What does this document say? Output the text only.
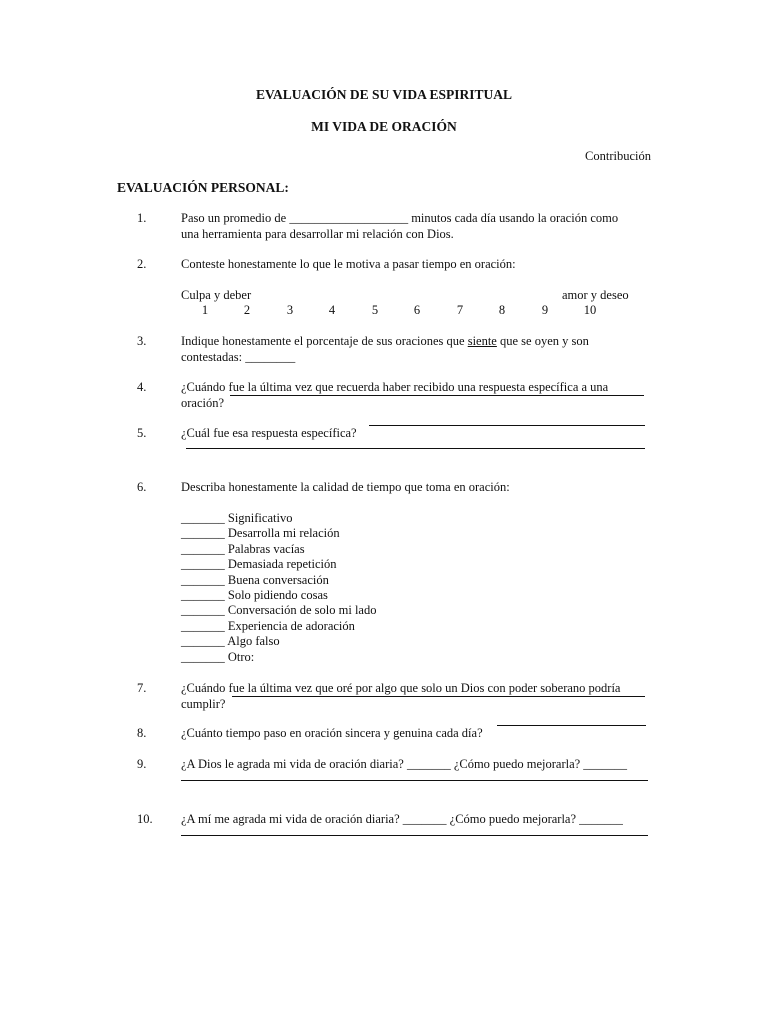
EVALUACIÓN DE SU VIDA ESPIRITUAL
MI VIDA DE ORACIÓN
Contribución
EVALUACIÓN PERSONAL:
1.	Paso un promedio de ___________________ minutos cada día usando la oración como
una herramienta para desarrollar mi relación con Dios.
2.	Conteste honestamente lo que le motiva a pasar tiempo en oración:
Culpa y deber	amor y deseo
1	2	3	4	5	6	7	8	9	10
3.	Indique honestamente el porcentaje de sus oraciones que siente que se oyen y son
contestadas: ________
4.	¿Cuándo fue la última vez que recuerda haber recibido una respuesta específica a una
oración?
5.	¿Cuál fue esa respuesta específica?
6.	Describa honestamente la calidad de tiempo que toma en oración:
_______ Significativo
_______ Desarrolla mi relación
_______ Palabras vacías
_______ Demasiada repetición
_______ Buena conversación
_______ Solo pidiendo cosas
_______ Conversación de solo mi lado
_______ Experiencia de adoración
_______ Algo falso
_______ Otro:
7.	¿Cuándo fue la última vez que oré por algo que solo un Dios con poder soberano podría
cumplir?
8.	¿Cuánto tiempo paso en oración sincera y genuina cada día?
9.	¿A Dios le agrada mi vida de oración diaria? _______ ¿Cómo puedo mejorarla? _______
10. ¿A mí me agrada mi vida de oración diaria? _______ ¿Cómo puedo mejorarla? _______
